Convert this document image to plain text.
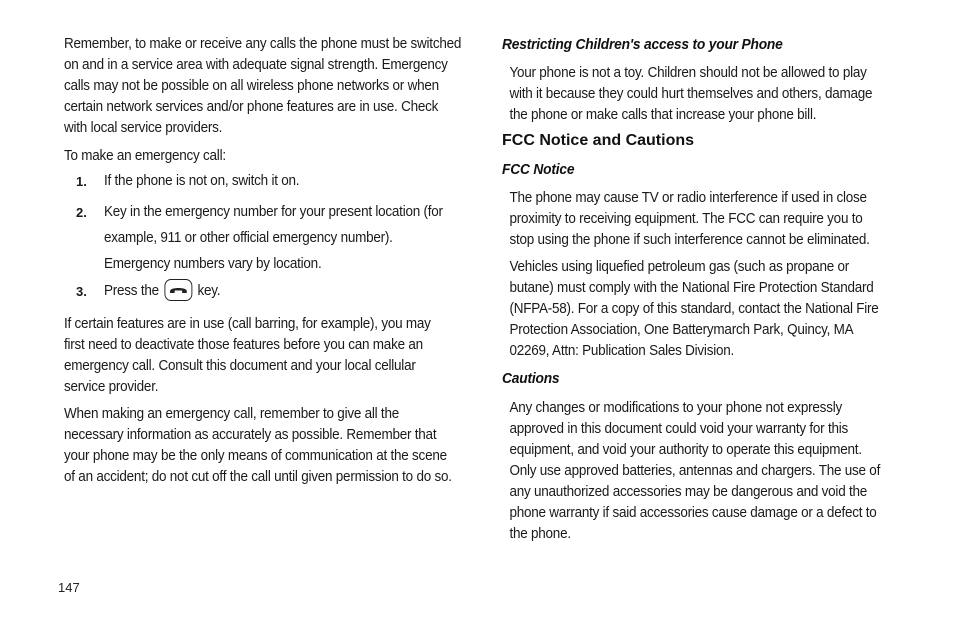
Remember, to make or receive any calls the phone must be switched on and in a service area with adequate signal strength. Emergency calls may not be possible on all wireless phone networks or when certain network services and/or phone features are in use. Check with local service providers.

To make an emergency call:

1. If the phone is not on, switch it on.
2. Key in the emergency number for your present location (for example, 911 or other official emergency number). Emergency numbers vary by location.
3. Press the	key.

If certain features are in use (call barring, for example), you may first need to deactivate those features before you can make an emergency call. Consult this document and your local cellular service provider.

When making an emergency call, remember to give all the necessary information as accurately as possible. Remember that your phone may be the only means of communication at the scene of an accident; do not cut off the call until given permission to do so.

Restricting Children's access to your Phone

Your phone is not a toy. Children should not be allowed to play with it because they could hurt themselves and others, damage the phone or make calls that increase your phone bill.

FCC Notice and Cautions
FCC Notice

The phone may cause TV or radio interference if used in close proximity to receiving equipment. The FCC can require you to stop using the phone if such interference cannot be eliminated.

Vehicles using liquefied petroleum gas (such as propane or butane) must comply with the National Fire Protection Standard (NFPA-58). For a copy of this standard, contact the National Fire Protection Association, One Batterymarch Park, Quincy, MA 02269, Attn: Publication Sales Division.

Cautions

Any changes or modifications to your phone not expressly approved in this document could void your warranty for this equipment, and void your authority to operate this equipment.

Only use approved batteries, antennas and chargers. The use of any unauthorized accessories may be dangerous and void the phone warranty if said accessories cause damage or a defect to the phone.

147
